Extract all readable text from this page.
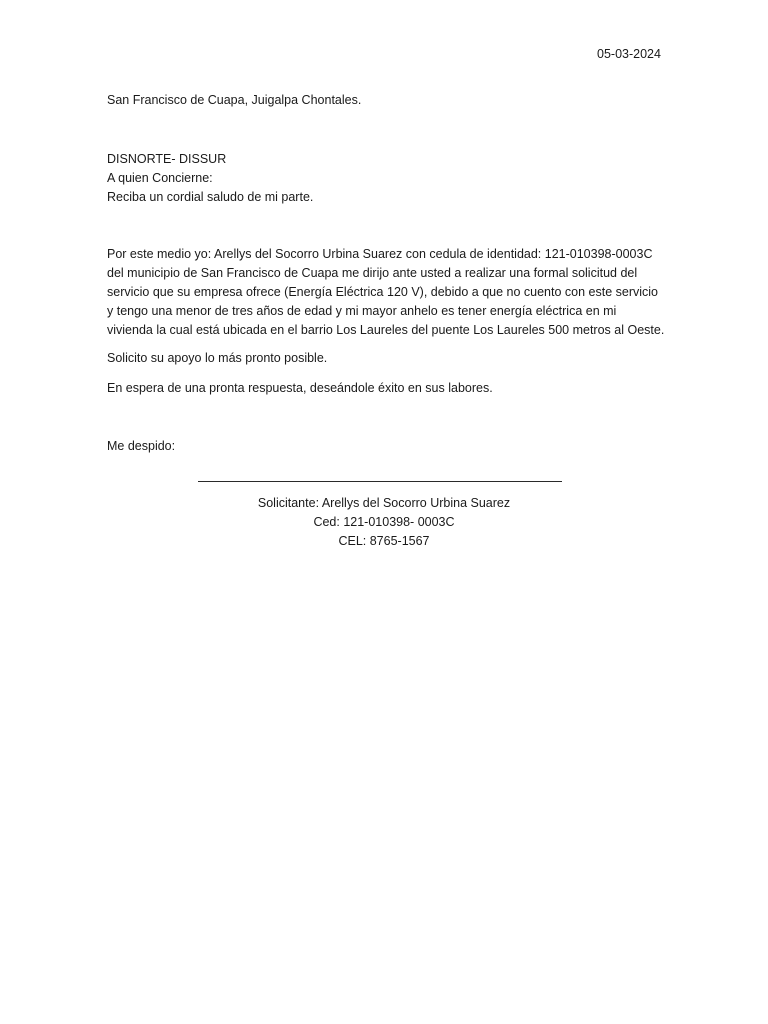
05-03-2024
San Francisco de Cuapa, Juigalpa Chontales.
DISNORTE- DISSUR
A quien Concierne:
Reciba un cordial saludo de mi parte.
Por este medio yo: Arellys del Socorro Urbina Suarez con cedula de identidad: 121-010398-0003C
del municipio de San Francisco de Cuapa me dirijo ante usted a realizar una formal solicitud del
servicio que su empresa ofrece (Energía Eléctrica 120 V), debido a que no cuento con este servicio
y tengo una menor de tres años de edad y mi mayor anhelo es tener energía eléctrica en mi
vivienda la cual está ubicada en el barrio Los Laureles del puente Los Laureles 500 metros al Oeste.
Solicito su apoyo lo más pronto posible.
En espera de una pronta respuesta, deseándole éxito en sus labores.
Me despido:
Solicitante: Arellys del Socorro Urbina Suarez
Ced: 121-010398- 0003C
CEL: 8765-1567
